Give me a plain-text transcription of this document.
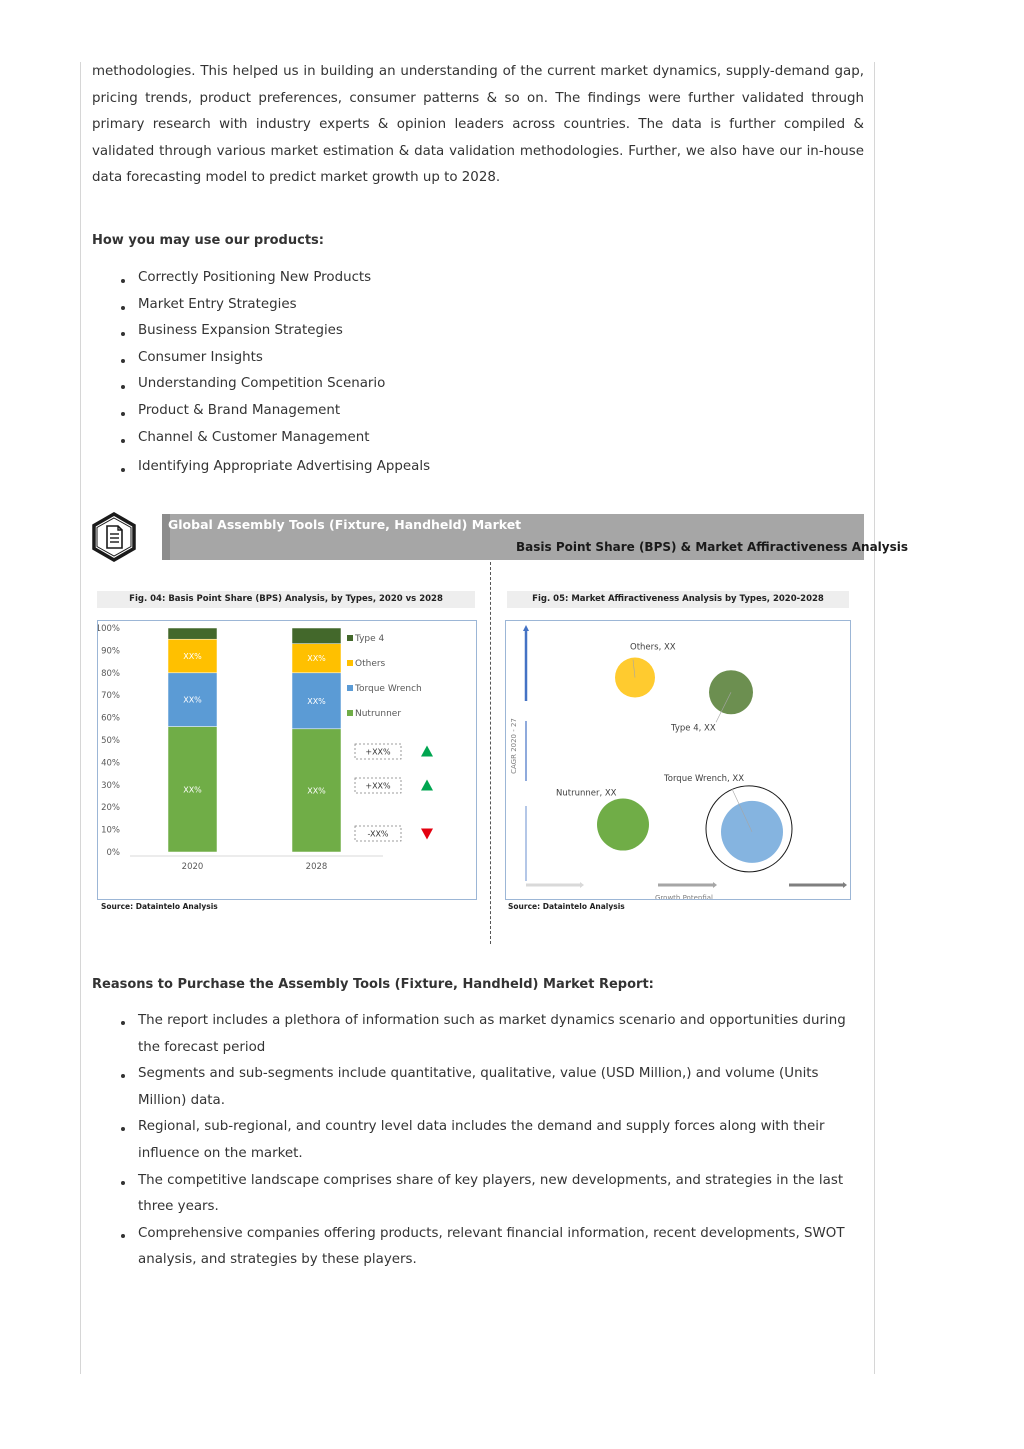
methodologies. This helped us in building an understanding of the current market dynamics, supply-demand gap, pricing trends, product preferences, consumer patterns & so on. The ﬁndings were further validated through primary research with industry experts & opinion leaders across countries. The data is further compiled & validated through various market estimation & data validation methodologies. Further, we also have our in-house data forecasting model to predict market growth up to 2028.

How you may use our products:
Correctly Positioning New Products
Market Entry Strategies
Business Expansion Strategies
Consumer Insights
Understanding Competition Scenario
Product & Brand Management
Channel & Customer Management
Identifying Appropriate Advertising Appeals
Global Assembly Tools (Fixture, Handheld) Market
Basis Point Share (BPS) & Market Aﬃractiveness Analysis
Fig. 04: Basis Point Share (BPS) Analysis, by Types, 2020 vs 2028
0%
10%
20%
30%
40%
50%
60%
70%
80%
90%
100%
XX%
XX%
XX%
2020
XX%
XX%
XX%
2028
Type 4
Others
Torque Wrench
Nutrunner
+XX%
+XX%
-XX%
Source: Dataintelo Analysis
Fig. 05: Market Aﬃractiveness Analysis by Types, 2020-2028
CAGR 2020 - 27
Growth Potenﬁal
Others, XX
Type 4, XX
Nutrunner, XX
Torque Wrench, XX
Source: Dataintelo Analysis
Reasons to Purchase the Assembly Tools (Fixture, Handheld) Market Report:
The report includes a plethora of information such as market dynamics scenario and opportunities during the forecast period
Segments and sub-segments include quantitative, qualitative, value (USD Million,) and volume (Units Million) data.
Regional, sub-regional, and country level data includes the demand and supply forces along with their inﬂuence on the market.
The competitive landscape comprises share of key players, new developments, and strategies in the last three years.
Comprehensive companies oﬀering products, relevant ﬁnancial information, recent developments, SWOT analysis, and strategies by these players.
